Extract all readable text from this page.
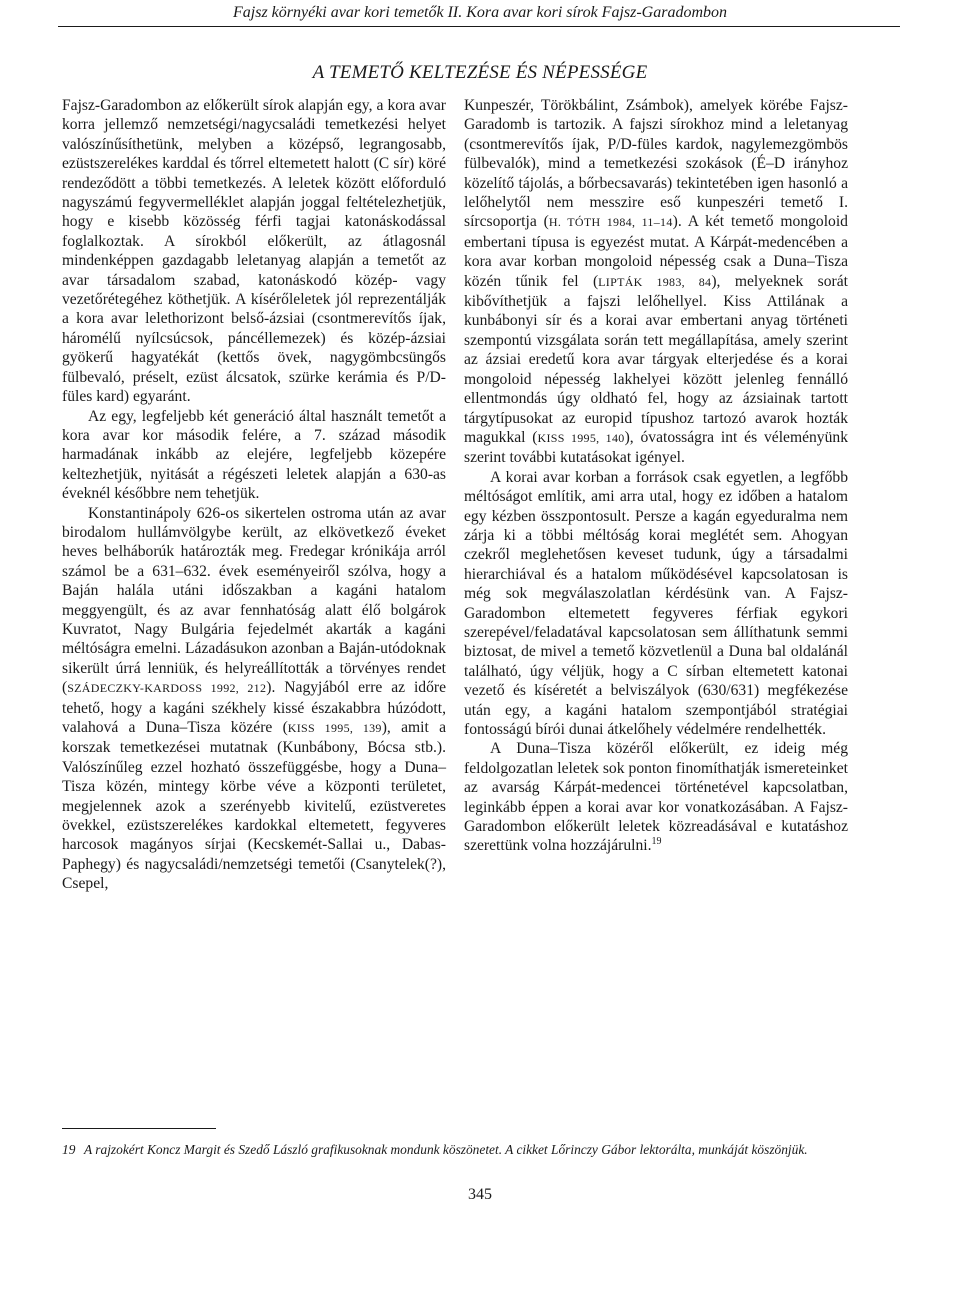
Fajsz környéki avar kori temetők II. Kora avar kori sírok Fajsz-Garadombon
A TEMETŐ KELTEZÉSE ÉS NÉPESSÉGE

Fajsz-Garadombon az előkerült sírok alapján egy, a kora avar korra jellemző nemzetségi/nagycsaládi temetkezési helyet valószínűsíthetünk, melyben a középső, legrangosabb, ezüstszerelékes karddal és tőrrel eltemetett halott (C sír) köré rendeződött a többi temetkezés. A leletek között előforduló nagyszámú fegyvermelléklet alapján joggal feltételezhetjük, hogy e kisebb közösség férfi tagjai katonáskodással foglalkoztak. A sírokból előkerült, az átlagosnál mindenképpen gazdagabb leletanyag alapján a temetőt az avar társadalom szabad, katonáskodó közép- vagy vezetőrétegéhez köthetjük. A kísérőleletek jól reprezentálják a kora avar lelethorizont belső-ázsiai (csontmerevítős íjak, háromélű nyílcsúcsok, páncéllemezek) és közép-ázsiai gyökerű hagyatékát (kettős övek, nagygömbcsüngős fülbevaló, préselt, ezüst álcsatok, szürke kerámia és P/D-füles kard) egyaránt.

Az egy, legfeljebb két generáció által használt temetőt a kora avar kor második felére, a 7. század második harmadának inkább az elejére, legfeljebb közepére keltezhetjük, nyitását a régészeti leletek alapján a 630-as éveknél későbbre nem tehetjük.

Konstantinápoly 626-os sikertelen ostroma után az avar birodalom hullámvölgybe került, az elkövetkező éveket heves belháborúk határozták meg. Fredegar krónikája arról számol be a 631–632. évek eseményeiről szólva, hogy a Baján halála utáni időszakban a kagáni hatalom meggyengült, és az avar fennhatóság alatt élő bolgárok Kuvratot, Nagy Bulgária fejedelmét akarták a kagáni méltóságra emelni. Lázadásukon azonban a Baján-utódoknak sikerült úrrá lenniük, és helyreállították a törvényes rendet (SZÁDECZKY-KARDOSS 1992, 212). Nagyjából erre az időre tehető, hogy a kagáni székhely kissé északabbra húzódott, valahová a Duna–Tisza közére (KISS 1995, 139), amit a korszak temetkezései mutatnak (Kunbábony, Bócsa stb.). Valószínűleg ezzel hozható összefüggésbe, hogy a Duna–Tisza közén, mintegy körbe véve a központi területet, megjelennek azok a szerényebb kivitelű, ezüstveretes övekkel, ezüstszerelékes kardokkal eltemetett, fegyveres harcosok magányos sírjai (Kecskemét-Sallai u., Dabas-Paphegy) és nagycsaládi/nemzetségi temetői (Csanytelek(?), Csepel,

Kunpeszér, Törökbálint, Zsámbok), amelyek körébe Fajsz-Garadomb is tartozik. A fajszi sírokhoz mind a leletanyag (csontmerevítős íjak, P/D-füles kardok, nagylemezgömbös fülbevalók), mind a temetkezési szokások (É–D irányhoz közelítő tájolás, a bőrbecsavarás) tekintetében igen hasonló a lelőhelytől nem messzire eső kunpeszéri temető I. sírcsoportja (H. TÓTH 1984, 11–14). A két temető mongoloid embertani típusa is egyezést mutat. A Kárpát-medencében a kora avar korban mongoloid népesség csak a Duna–Tisza közén tűnik fel (LIPTÁK 1983, 84), melyeknek sorát kibővíthetjük a fajszi lelőhellyel. Kiss Attilának a kunbábonyi sír és a korai avar embertani anyag történeti szempontú vizsgálata során tett megállapítása, amely szerint az ázsiai eredetű kora avar tárgyak elterjedése és a korai mongoloid népesség lakhelyei között jelenleg fennálló ellentmondás úgy oldható fel, hogy az ázsiainak tartott tárgytípusokat az europid típushoz tartozó avarok hozták magukkal (KISS 1995, 140), óvatosságra int és véleményünk szerint további kutatásokat igényel.

A korai avar korban a források csak egyetlen, a legfőbb méltóságot említik, ami arra utal, hogy ez időben a hatalom egy kézben összpontosult. Persze a kagán egyeduralma nem zárja ki a többi méltóság korai meglétét sem. Ahogyan czekről meglehetősen keveset tudunk, úgy a társadalmi hierarchiával és a hatalom működésével kapcsolatosan is még sok megválaszolatlan kérdésünk van. A Fajsz-Garadombon eltemetett fegyveres férfiak egykori szerepével/feladatával kapcsolatosan sem állíthatunk semmi biztosat, de mivel a temető közvetlenül a Duna bal oldalánál található, úgy véljük, hogy a C sírban eltemetett katonai vezető és kíséretét a belviszályok (630/631) megfékezése után egy, a kagáni hatalom szempontjából stratégiai fontosságú bírói dunai átkelőhely védelmére rendelhették.

A Duna–Tisza közéről előkerült, ez ideig még feldolgozatlan leletek sok ponton finomíthatják ismereteinket az avarság Kárpát-medencei történetével kapcsolatban, leginkább éppen a korai avar kor vonatkozásában. A Fajsz-Garadombon előkerült leletek közreadásával e kutatáshoz szerettünk volna hozzájárulni.$^{19}$

19 A rajzokért Koncz Margit és Szedő László grafikusoknak mondunk köszönetet. A cikket Lőrinczy Gábor lektorálta, munkáját köszönjük.
345
